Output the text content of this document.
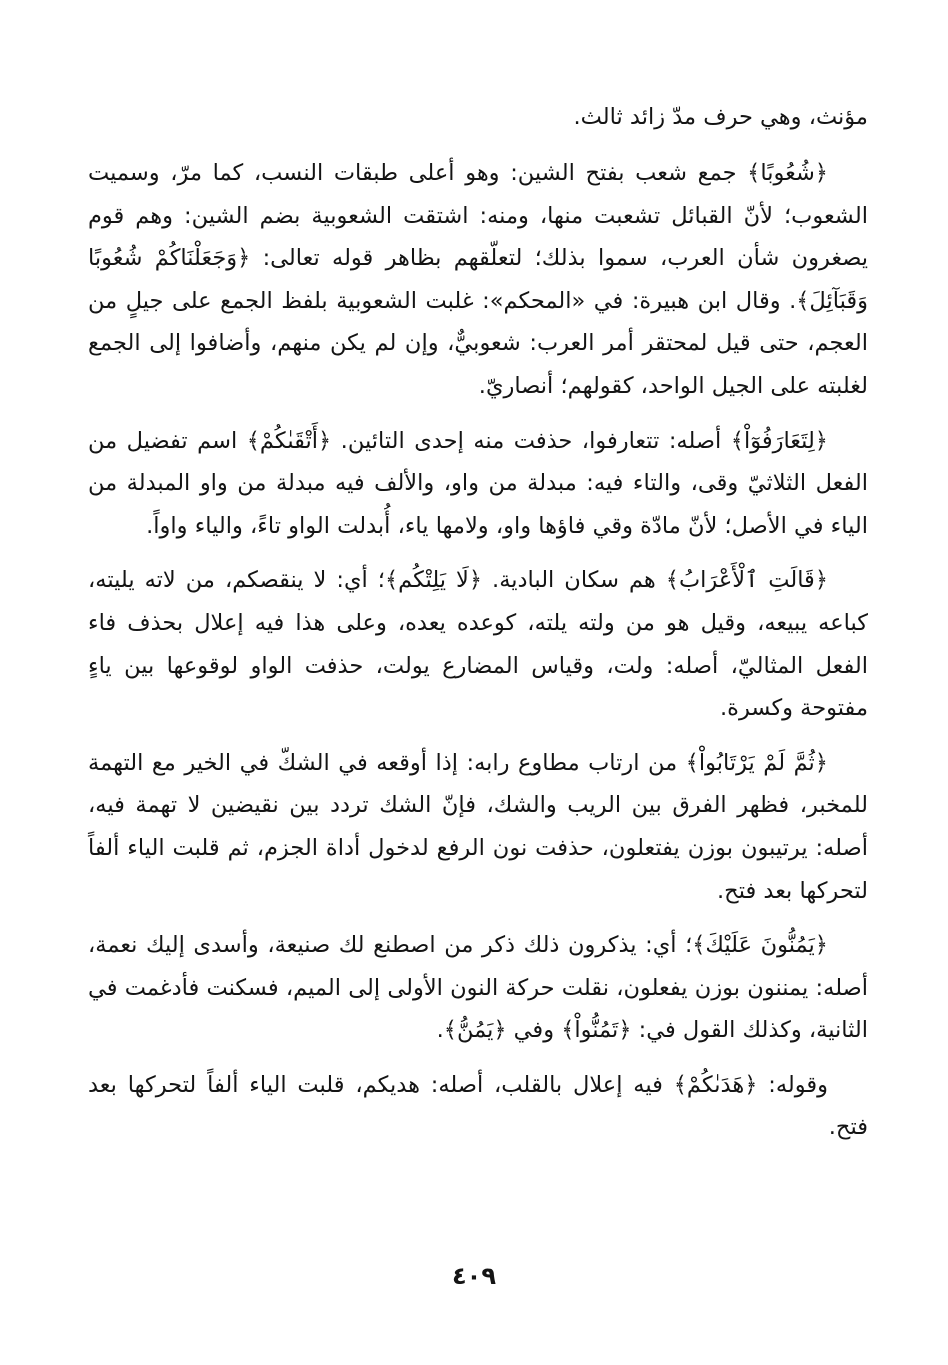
مؤنث، وهي حرف مدّ زائد ثالث.

﴿شُعُوبًا﴾ جمع شعب بفتح الشين: وهو أعلى طبقات النسب، كما مرّ، وسميت الشعوب؛ لأنّ القبائل تشعبت منها، ومنه: اشتقت الشعوبية بضم الشين: وهم قوم يصغرون شأن العرب، سموا بذلك؛ لتعلّقهم بظاهر قوله تعالى: ﴿وَجَعَلْنَاكُمْ شُعُوبًا وَقَبَآئِلَ﴾. وقال ابن هبيرة: في «المحكم»: غلبت الشعوبية بلفظ الجمع على جيلٍ من العجم، حتى قيل لمحتقر أمر العرب: شعوبيٌّ، وإن لم يكن منهم، وأضافوا إلى الجمع لغلبته على الجيل الواحد، كقولهم؛ أنصاريّ.

﴿لِتَعَارَفُوٓاْ﴾ أصله: تتعارفوا، حذفت منه إحدى التائين. ﴿أَتْقَىٰكُمْ﴾ اسم تفضيل من الفعل الثلاثيّ وقى، والتاء فيه: مبدلة من واو، والألف فيه مبدلة من واو المبدلة من الياء في الأصل؛ لأنّ مادّة وقي فاؤها واو، ولامها ياء، أُبدلت الواو تاءً، والياء واواً.

﴿قَالَتِ ٱلْأَعْرَابُ﴾ هم سكان البادية. ﴿لَا يَلِتْكُم﴾؛ أي: لا ينقصكم، من لاته يليته، كباعه يبيعه، وقيل هو من ولته يلته، كوعده يعده، وعلى هذا فيه إعلال بحذف فاء الفعل المثاليّ، أصله: ولت، وقياس المضارع يولت، حذفت الواو لوقوعها بين ياءٍ مفتوحة وكسرة.

﴿ثُمَّ لَمْ يَرْتَابُواْ﴾ من ارتاب مطاوع رابه: إذا أوقعه في الشكّ في الخير مع التهمة للمخبر، فظهر الفرق بين الريب والشك، فإنّ الشك تردد بين نقيضين لا تهمة فيه، أصله: يرتيبون بوزن يفتعلون، حذفت نون الرفع لدخول أداة الجزم، ثم قلبت الياء ألفاً لتحركها بعد فتح.

﴿يَمُنُّونَ عَلَيْكَ﴾؛ أي: يذكرون ذلك ذكر من اصطنع لك صنيعة، وأسدى إليك نعمة، أصله: يمننون بوزن يفعلون، نقلت حركة النون الأولى إلى الميم، فسكنت فأدغمت في الثانية، وكذلك القول في: ﴿تَمُنُّواْ﴾ وفي ﴿يَمُنُّ﴾.

وقوله: ﴿هَدَىٰكُمْ﴾ فيه إعلال بالقلب، أصله: هديكم، قلبت الياء ألفاً لتحركها بعد فتح.

٤٠٩
